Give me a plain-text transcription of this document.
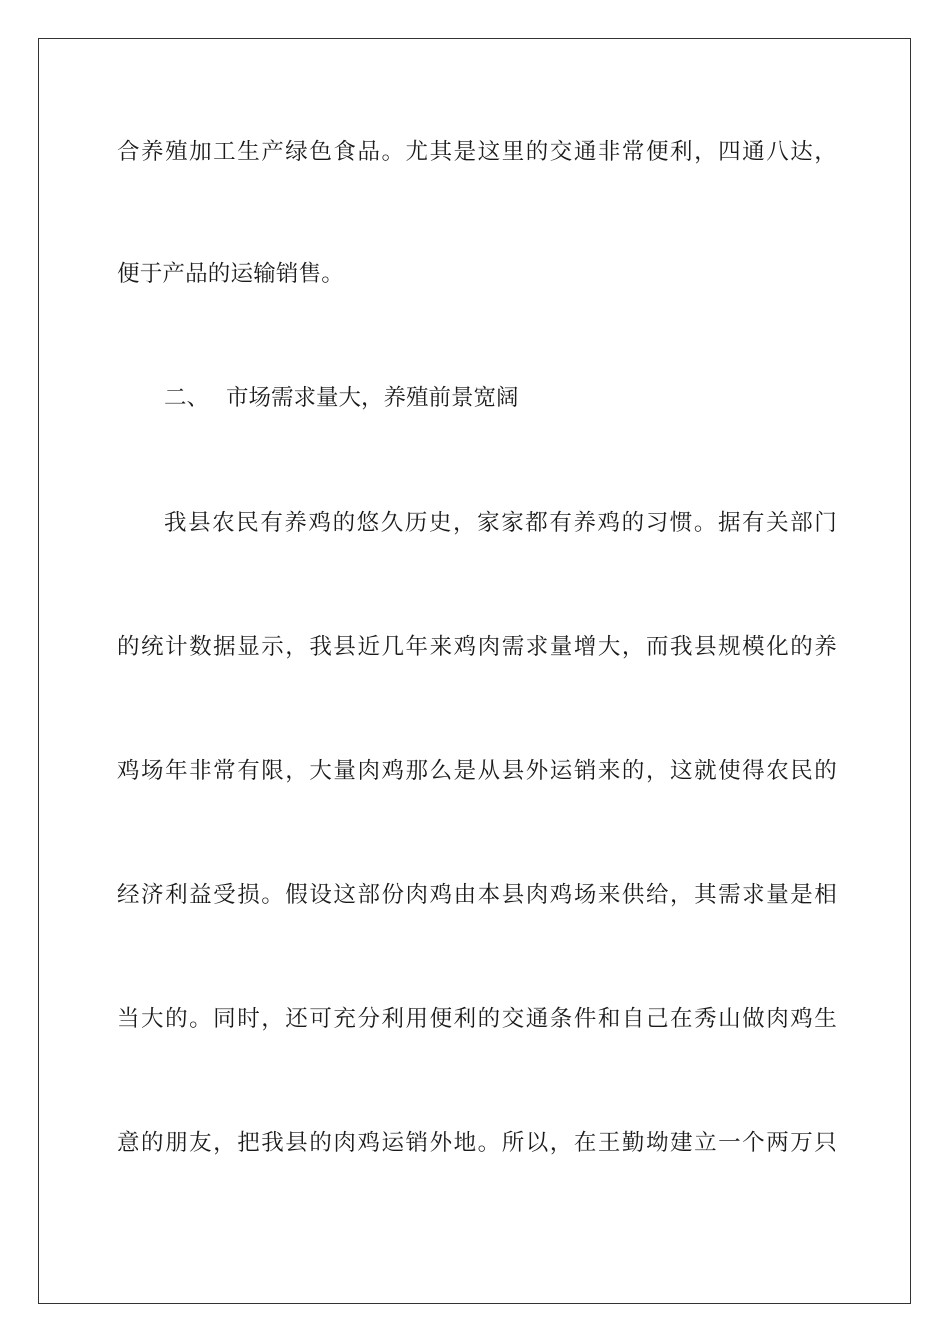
合养殖加工生产绿色食品。尤其是这里的交通非常便利，四通八达，
便于产品的运输销售。
二、 市场需求量大，养殖前景宽阔
我县农民有养鸡的悠久历史，家家都有养鸡的习惯。据有关部门
的统计数据显示，我县近几年来鸡肉需求量增大，而我县规模化的养
鸡场年非常有限，大量肉鸡那么是从县外运销来的，这就使得农民的
经济利益受损。假设这部份肉鸡由本县肉鸡场来供给，其需求量是相
当大的。同时，还可充分利用便利的交通条件和自己在秀山做肉鸡生
意的朋友，把我县的肉鸡运销外地。所以，在王勤坳建立一个两万只
